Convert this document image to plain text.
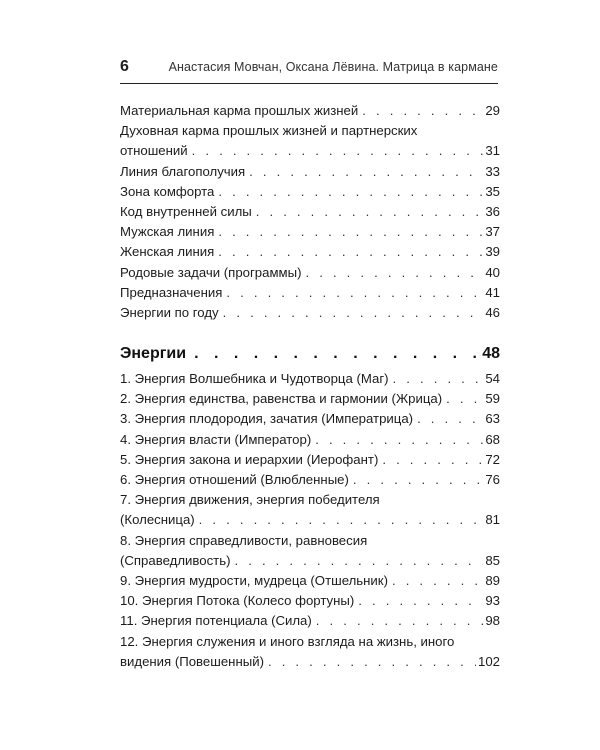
6	Анастасия Мовчан, Оксана Лёвина. Матрица в кармане
Материальная карма прошлых жизней . . .	29
Духовная карма прошлых жизней и партнерских
отношений . . .	31
Линия благополучия . . .	33
Зона комфорта . . .	35
Код внутренней силы . . .	36
Мужская линия . . .	37
Женская линия . . .	39
Родовые задачи (программы) . . .	40
Предназначения . . .	41
Энергии по году . . .	46
Энергии . . .	48
1. Энергия Волшебника и Чудотворца (Маг) . . .	54
2. Энергия единства, равенства и гармонии (Жрица) . . .	59
3. Энергия плодородия, зачатия (Императрица) . . .	63
4. Энергия власти (Император) . . .	68
5. Энергия закона и иерархии (Иерофант) . . .	72
6. Энергия отношений (Влюбленные) . . .	76
7. Энергия движения, энергия победителя
(Колесница) . . .	81
8. Энергия справедливости, равновесия
(Справедливость) . . .	85
9. Энергия мудрости, мудреца (Отшельник) . . .	89
10. Энергия Потока (Колесо фортуны) . . .	93
11. Энергия потенциала (Сила) . . .	98
12. Энергия служения и иного взгляда на жизнь, иного
видения (Повешенный) . . .	102
